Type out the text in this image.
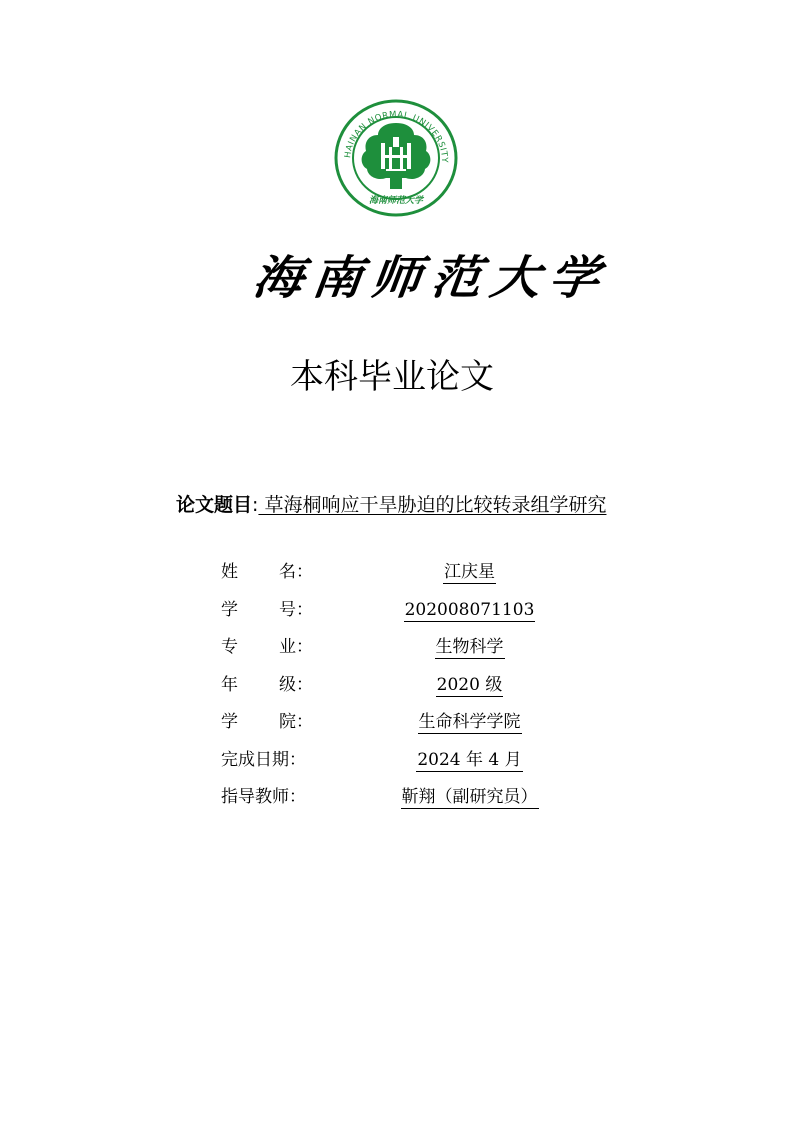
HAINAN NORMAL UNIVERSITY
海南师范大学
海 南 师 范 大 学
本科毕业论文
论文题目: 草海桐响应干旱胁迫的比较转录组学研究
姓 名：	江庆星
学 号：	202008071103
专 业：	生物科学
年 级：	2020 级
学 院：	生命科学学院
完成日期：	2024 年 4 月
指导教师：	靳翔（副研究员）
